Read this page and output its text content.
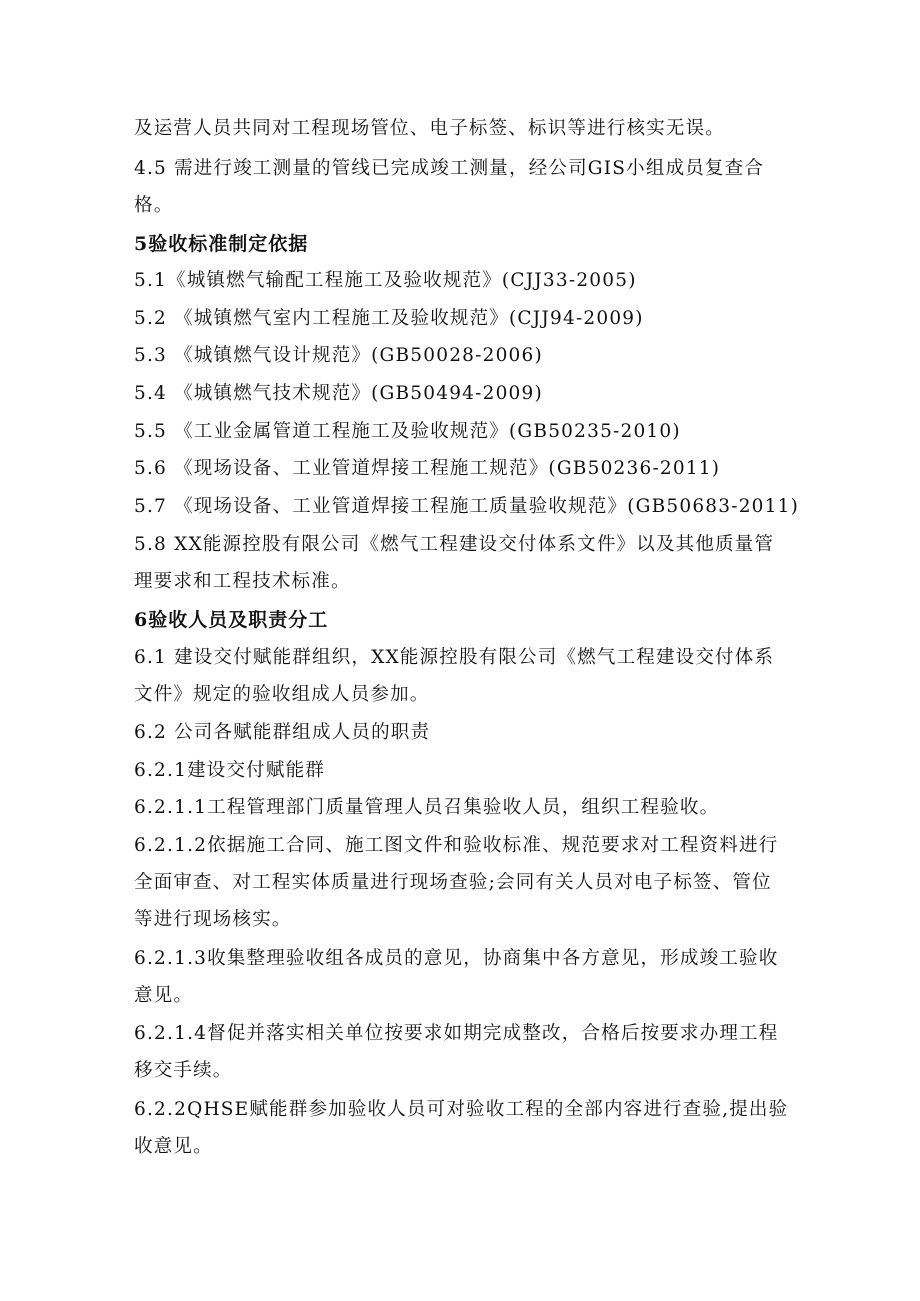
及运营人员共同对工程现场管位、电子标签、标识等进行核实无误。
4.5 需进行竣工测量的管线已完成竣工测量，经公司GIS小组成员复查合
格。
5验收标准制定依据
5.1《城镇燃气输配工程施工及验收规范》(CJJ33-2005)
5.2 《城镇燃气室内工程施工及验收规范》(CJJ94-2009)
5.3 《城镇燃气设计规范》(GB50028-2006)
5.4 《城镇燃气技术规范》(GB50494-2009)
5.5 《工业金属管道工程施工及验收规范》(GB50235-2010)
5.6 《现场设备、工业管道焊接工程施工规范》(GB50236-2011)
5.7 《现场设备、工业管道焊接工程施工质量验收规范》(GB50683-2011)
5.8 XX能源控股有限公司《燃气工程建设交付体系文件》以及其他质量管
理要求和工程技术标准。
6验收人员及职责分工
6.1 建设交付赋能群组织，XX能源控股有限公司《燃气工程建设交付体系
文件》规定的验收组成人员参加。
6.2 公司各赋能群组成人员的职责
6.2.1建设交付赋能群
6.2.1.1工程管理部门质量管理人员召集验收人员，组织工程验收。
6.2.1.2依据施工合同、施工图文件和验收标准、规范要求对工程资料进行
全面审查、对工程实体质量进行现场查验;会同有关人员对电子标签、管位
等进行现场核实。
6.2.1.3收集整理验收组各成员的意见，协商集中各方意见，形成竣工验收
意见。
6.2.1.4督促并落实相关单位按要求如期完成整改，合格后按要求办理工程
移交手续。
6.2.2QHSE赋能群参加验收人员可对验收工程的全部内容进行查验,提出验
收意见。
